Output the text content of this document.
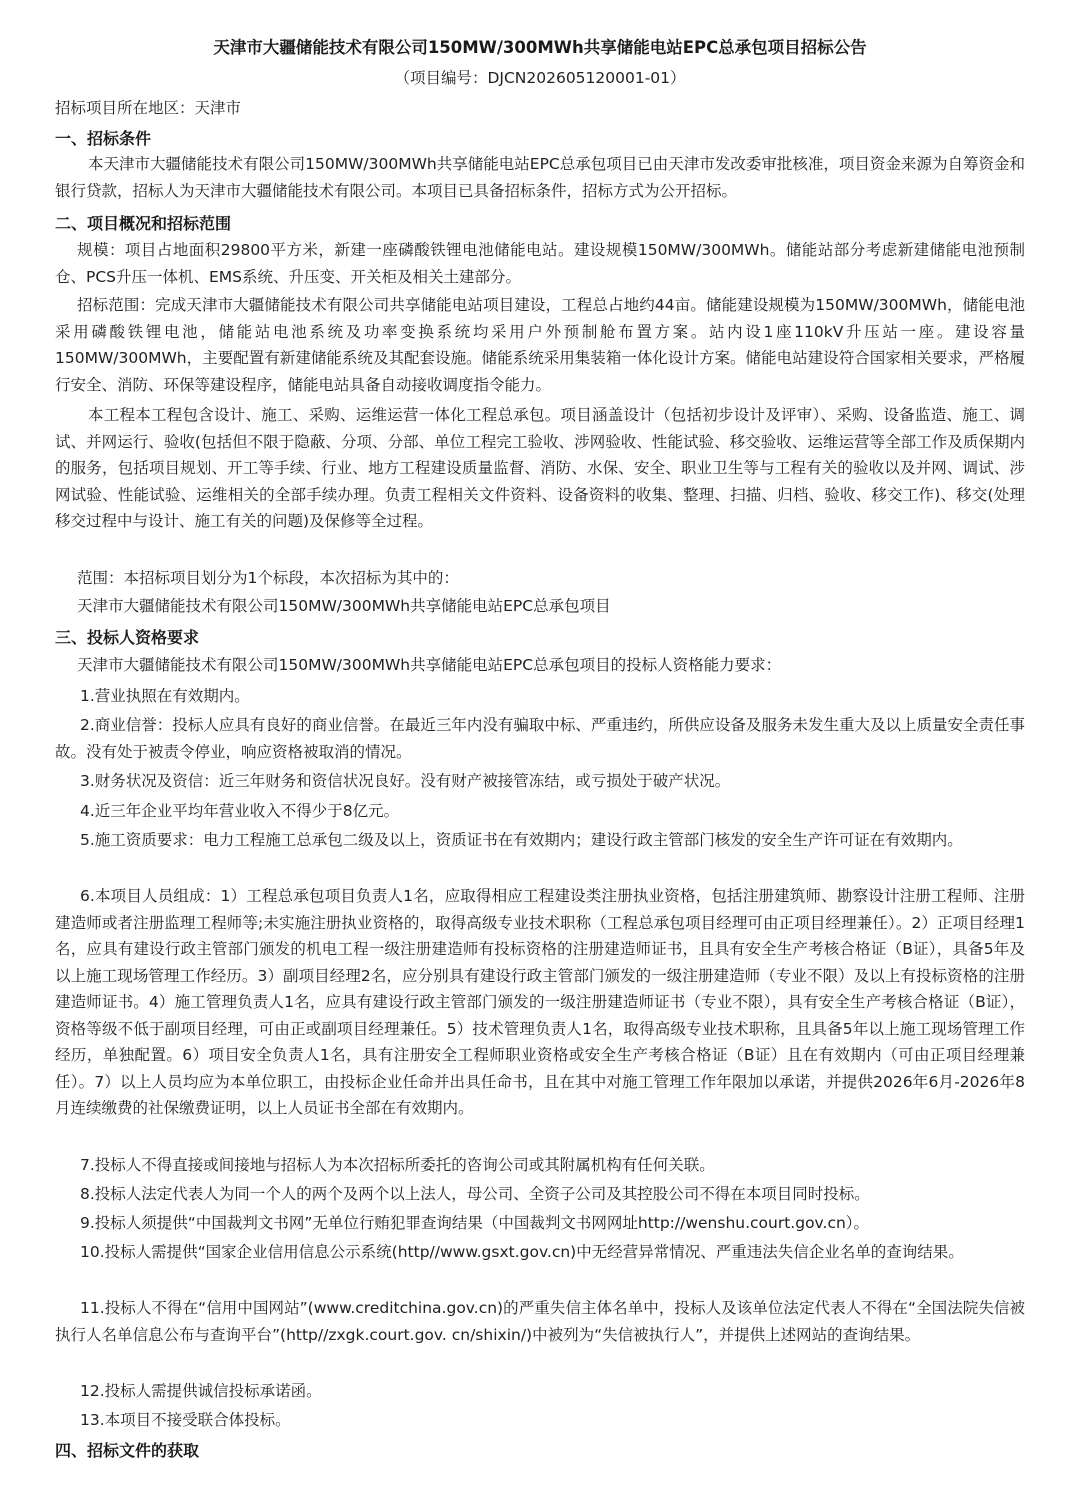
天津市大疆储能技术有限公司150MW/300MWh共享储能电站EPC总承包项目招标公告

（项目编号：DJCN202605120001-01）

招标项目所在地区：天津市

一、招标条件

本天津市大疆储能技术有限公司150MW/300MWh共享储能电站EPC总承包项目已由天津市发改委审批核准，项目资金来源为自筹资金和银行贷款，招标人为天津市大疆储能技术有限公司。本项目已具备招标条件，招标方式为公开招标。

二、项目概况和招标范围

规模：项目占地面积29800平方米，新建一座磷酸铁锂电池储能电站。建设规模150MW/300MWh。储能站部分考虑新建储能电池预制仓、PCS升压一体机、EMS系统、升压变、开关柜及相关土建部分。

招标范围：完成天津市大疆储能技术有限公司共享储能电站项目建设，工程总占地约44亩。储能建设规模为150MW/300MWh，储能电池采用磷酸铁锂电池，储能站电池系统及功率变换系统均采用户外预制舱布置方案。站内设1座110kV升压站一座。建设容量150MW/300MWh，主要配置有新建储能系统及其配套设施。储能系统采用集装箱一体化设计方案。储能电站建设符合国家相关要求，严格履行安全、消防、环保等建设程序，储能电站具备自动接收调度指令能力。

本工程本工程包含设计、施工、采购、运维运营一体化工程总承包。项目涵盖设计（包括初步设计及评审）、采购、设备监造、施工、调试、并网运行、验收(包括但不限于隐蔽、分项、分部、单位工程完工验收、涉网验收、性能试验、移交验收、运维运营等全部工作及质保期内的服务，包括项目规划、开工等手续、行业、地方工程建设质量监督、消防、水保、安全、职业卫生等与工程有关的验收以及并网、调试、涉网试验、性能试验、运维相关的全部手续办理。负责工程相关文件资料、设备资料的收集、整理、扫描、归档、验收、移交工作)、移交(处理移交过程中与设计、施工有关的问题)及保修等全过程。

范围：本招标项目划分为1个标段，本次招标为其中的：

天津市大疆储能技术有限公司150MW/300MWh共享储能电站EPC总承包项目

三、投标人资格要求

天津市大疆储能技术有限公司150MW/300MWh共享储能电站EPC总承包项目的投标人资格能力要求：

1.营业执照在有效期内。

2.商业信誉：投标人应具有良好的商业信誉。在最近三年内没有骗取中标、严重违约，所供应设备及服务未发生重大及以上质量安全责任事故。没有处于被责令停业，响应资格被取消的情况。

3.财务状况及资信：近三年财务和资信状况良好。没有财产被接管冻结，或亏损处于破产状况。

4.近三年企业平均年营业收入不得少于8亿元。

5.施工资质要求：电力工程施工总承包二级及以上，资质证书在有效期内；建设行政主管部门核发的安全生产许可证在有效期内。

6.本项目人员组成：1）工程总承包项目负责人1名，应取得相应工程建设类注册执业资格，包括注册建筑师、勘察设计注册工程师、注册建造师或者注册监理工程师等;未实施注册执业资格的，取得高级专业技术职称（工程总承包项目经理可由正项目经理兼任）。2）正项目经理1名，应具有建设行政主管部门颁发的机电工程一级注册建造师有投标资格的注册建造师证书，且具有安全生产考核合格证（B证），具备5年及以上施工现场管理工作经历。3）副项目经理2名，应分别具有建设行政主管部门颁发的一级注册建造师（专业不限）及以上有投标资格的注册建造师证书。4）施工管理负责人1名，应具有建设行政主管部门颁发的一级注册建造师证书（专业不限），具有安全生产考核合格证（B证），资格等级不低于副项目经理，可由正或副项目经理兼任。5）技术管理负责人1名，取得高级专业技术职称，且具备5年以上施工现场管理工作经历，单独配置。6）项目安全负责人1名，具有注册安全工程师职业资格或安全生产考核合格证（B证）且在有效期内（可由正项目经理兼任）。7）以上人员均应为本单位职工，由投标企业任命并出具任命书，且在其中对施工管理工作年限加以承诺，并提供2026年6月-2026年8月连续缴费的社保缴费证明，以上人员证书全部在有效期内。

7.投标人不得直接或间接地与招标人为本次招标所委托的咨询公司或其附属机构有任何关联。

8.投标人法定代表人为同一个人的两个及两个以上法人，母公司、全资子公司及其控股公司不得在本项目同时投标。

9.投标人须提供“中国裁判文书网”无单位行贿犯罪查询结果（中国裁判文书网网址http://wenshu.court.gov.cn）。

10.投标人需提供“国家企业信用信息公示系统(http//www.gsxt.gov.cn)中无经营异常情况、严重违法失信企业名单的查询结果。

11.投标人不得在“信用中国网站”(www.creditchina.gov.cn)的严重失信主体名单中，投标人及该单位法定代表人不得在“全国法院失信被执行人名单信息公布与查询平台”(http//zxgk.court.gov. cn/shixin/)中被列为“失信被执行人”，并提供上述网站的查询结果。

12.投标人需提供诚信投标承诺函。

13.本项目不接受联合体投标。

四、招标文件的获取
